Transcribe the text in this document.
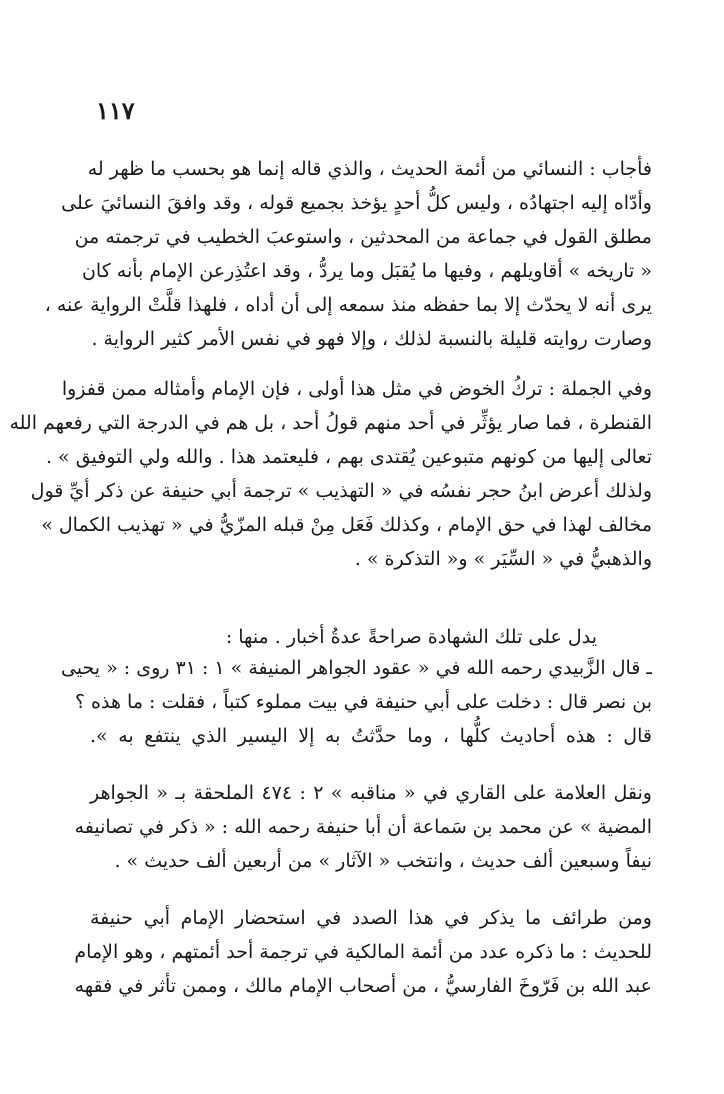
١١٧
فأجاب : النسائي من أئمة الحديث ، والذي قاله إنما هو بحسب ما ظهر له
وأدّاه إليه اجتهادُه ، وليس كلُّ أحدٍ يؤخذ بجميع قوله ، وقد وافقَ النسائيَ على
مطلق القول في جماعة من المحدثين ، واستوعبَ الخطيب في ترجمته من
« تاريخه » أقاويلهم ، وفيها ما يُقبَل وما يردُّ ، وقد اعتُذِرعن الإمام بأنه كان
يرى أنه لا يحدّث إلا بما حفظه منذ سمعه إلى أن أداه ، فلهذا قلَّتْ الرواية عنه ،
وصارت روايته قليلة بالنسبة لذلك ، وإلا فهو في نفس الأمر كثير الرواية .
وفي الجملة : تركُ الخوض في مثل هذا أولى ، فإن الإمام وأمثاله ممن قفزوا
القنطرة ، فما صار يؤثِّر في أحد منهم قولُ أحد ، بل هم في الدرجة التي رفعهم الله
تعالى إليها من كونهم متبوعين يُقتدى بهم ، فليعتمد هذا . والله ولي التوفيق » .
ولذلك أعرض ابنُ حجر نفسُه في « التهذيب » ترجمة أبي حنيفة عن ذكر أيِّ قول
مخالف لهذا في حق الإمام ، وكذلك فَعَل مِنْ قبله المزّيُّ في « تهذيب الكمال »
والذهبيُّ في « السِّيَر » و« التذكرة » .
يدل على تلك الشهادة صراحةً عدةُ أخبار . منها :
ـ قال الزَّبيدي رحمه الله في « عقود الجواهر المنيفة » ١ : ٣١ روى : « يحيى
بن نصر قال : دخلت على أبي حنيفة في بيت مملوء كتباً ، فقلت : ما هذه ؟
قال : هذه أحاديث كلُّها ، وما حدَّثتُ به إلا اليسير الذي ينتفع به ».
ونقل العلامة على القاري في « مناقبه » ٢ : ٤٧٤ الملحقة بـ « الجواهر
المضية » عن محمد بن سَماعة أن أبا حنيفة رحمه الله : « ذكر في تصانيفه
نيفاً وسبعين ألف حديث ، وانتخب « الآثار » من أربعين ألف حديث » .
ومن طرائف ما يذكر في هذا الصدد في استحضار الإمام أبي حنيفة
للحديث : ما ذكره عدد من أئمة المالكية في ترجمة أحد أئمتهم ، وهو الإمام
عبد الله بن فَرّوخَ الفارسيُّ ، من أصحاب الإمام مالك ، وممن تأثر في فقهه
